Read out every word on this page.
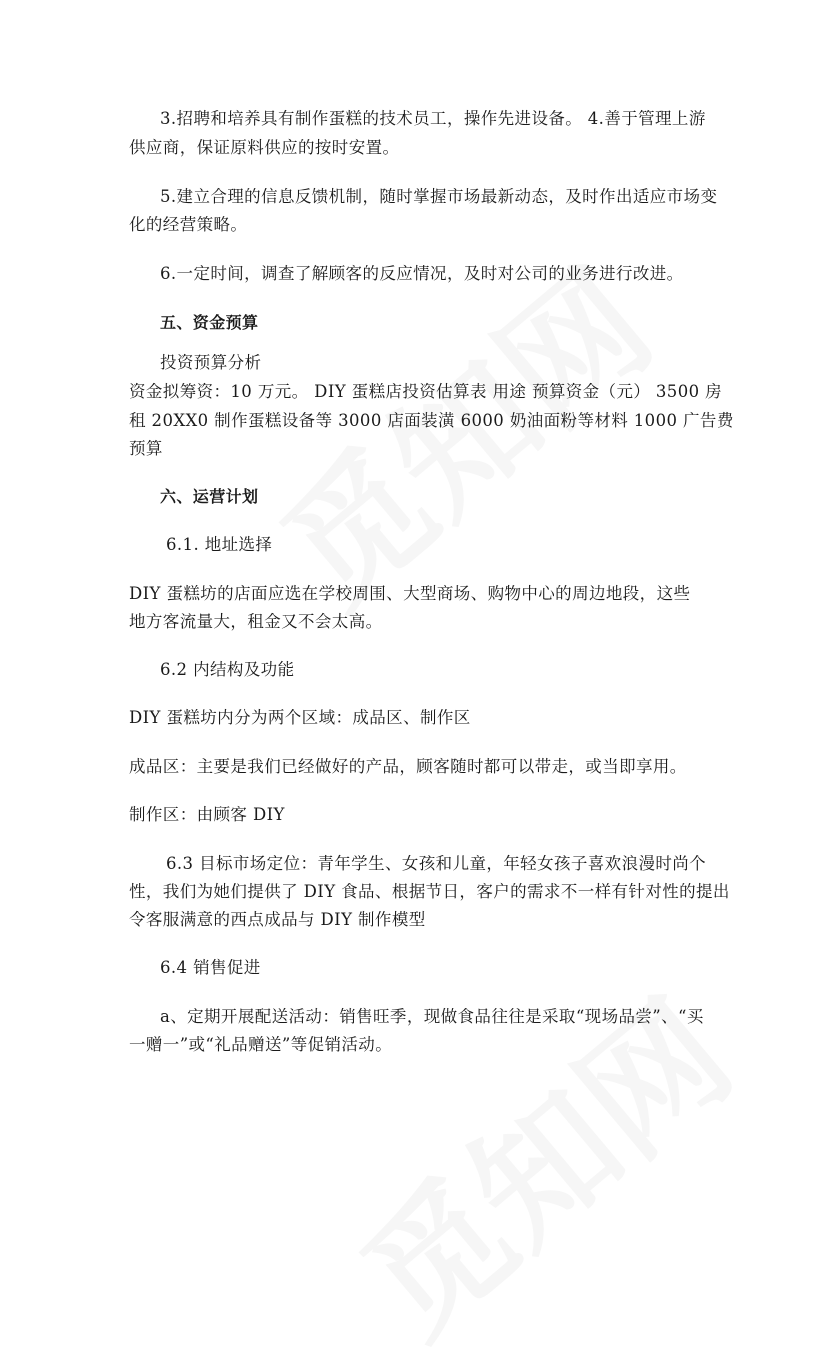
3.招聘和培养具有制作蛋糕的技术员工，操作先进设备。 4.善于管理上游
供应商，保证原料供应的按时安置。
5.建立合理的信息反馈机制，随时掌握市场最新动态，及时作出适应市场变
化的经营策略。
6.一定时间，调查了解顾客的反应情况，及时对公司的业务进行改进。
五、资金预算
投资预算分析
资金拟筹资：10 万元。 DIY 蛋糕店投资估算表 用途 预算资金（元） 3500 房
租 20XX0 制作蛋糕设备等 3000 店面装潢 6000 奶油面粉等材料 1000 广告费
预算
六、运营计划
6.1. 地址选择
DIY 蛋糕坊的店面应选在学校周围、大型商场、购物中心的周边地段，这些
地方客流量大，租金又不会太高。
6.2 内结构及功能
DIY 蛋糕坊内分为两个区域：成品区、制作区
成品区：主要是我们已经做好的产品，顾客随时都可以带走，或当即享用。
制作区：由顾客 DIY
6.3 目标市场定位：青年学生、女孩和儿童，年轻女孩子喜欢浪漫时尚个
性，我们为她们提供了 DIY 食品、根据节日，客户的需求不一样有针对性的提出
令客服满意的西点成品与 DIY 制作模型
6.4 销售促进
a、定期开展配送活动：销售旺季，现做食品往往是采取“现场品尝”、“买
一赠一”或“礼品赠送”等促销活动。
